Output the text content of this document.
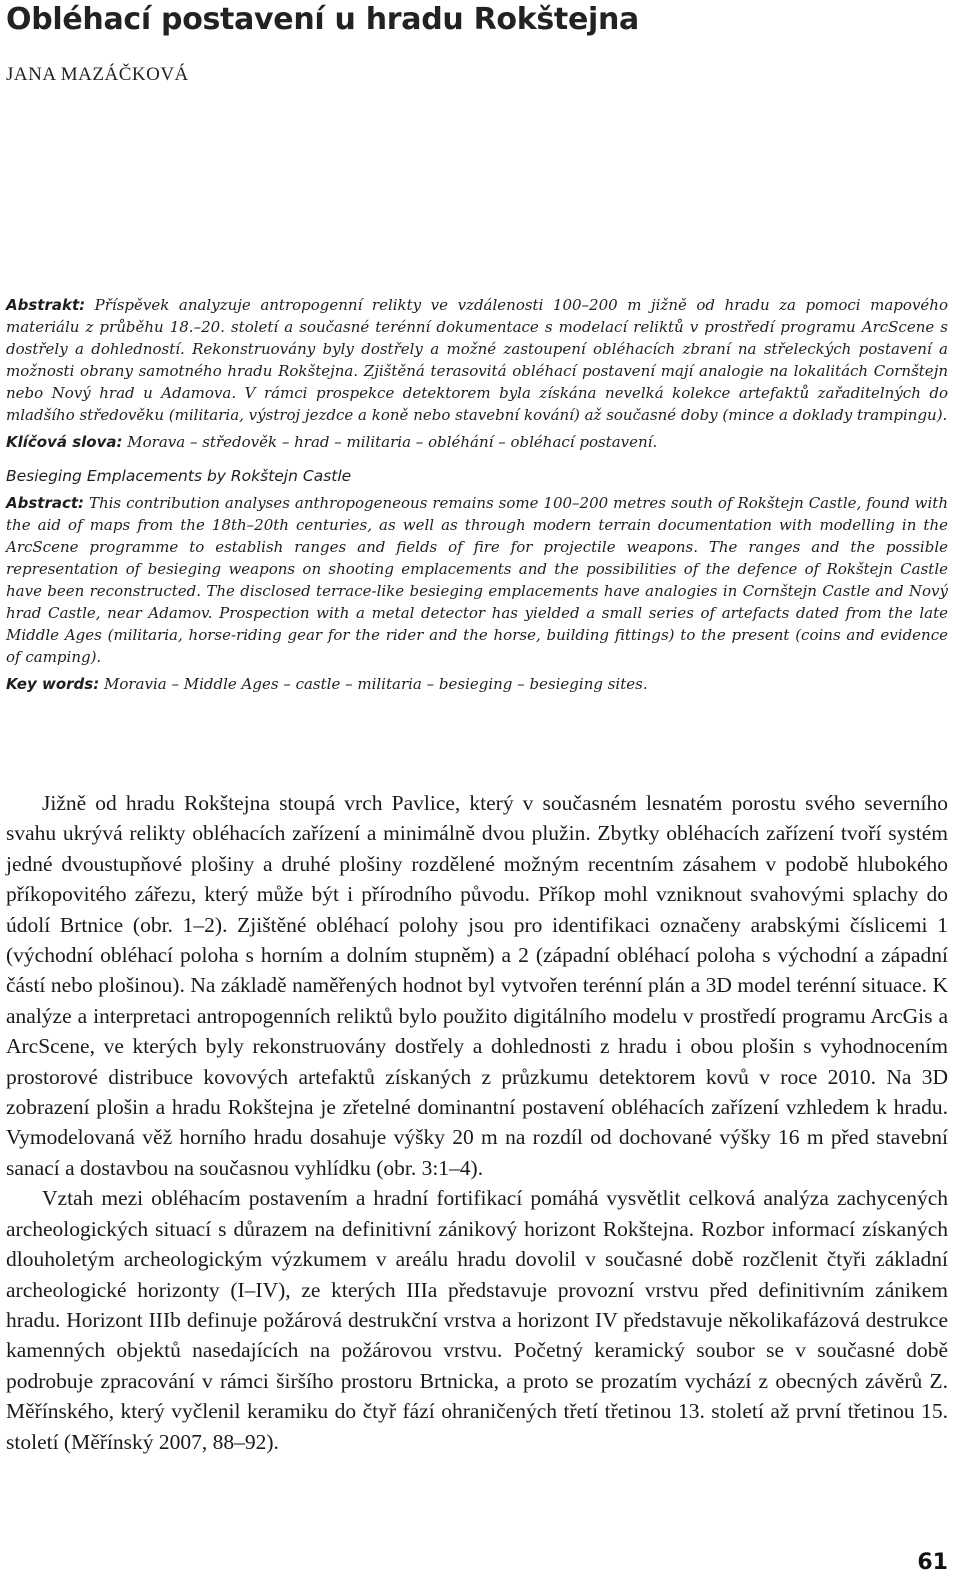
Obléhací postavení u hradu Rokštejna
JANA MAZÁČKOVÁ

Abstrakt: Příspěvek analyzuje antropogenní relikty ve vzdálenosti 100–200 m jižně od hradu za pomoci mapového materiálu z průběhu 18.–20. století a současné terénní dokumentace s modelací reliktů v prostředí programu ArcScene s dostřely a dohledností. Rekonstruovány byly dostřely a možné zastoupení obléhacích zbraní na střeleckých postavení a možnosti obrany samotného hradu Rokštejna. Zjištěná terasovitá obléhací postavení mají analogie na lokalitách Cornštejn nebo Nový hrad u Adamova. V rámci prospekce detektorem byla získána nevelká kolekce artefaktů zařaditelných do mladšího středověku (militaria, výstroj jezdce a koně nebo stavební kování) až současné doby (mince a doklady trampingu).

Klíčová slova: Morava – středověk – hrad – militaria – obléhání – obléhací postavení.

Besieging Emplacements by Rokštejn Castle

Abstract: This contribution analyses anthropogeneous remains some 100–200 metres south of Rokštejn Castle, found with the aid of maps from the 18th–20th centuries, as well as through modern terrain documentation with modelling in the ArcScene programme to establish ranges and fields of fire for projectile weapons. The ranges and the possible representation of besieging weapons on shooting emplacements and the possibilities of the defence of Rokštejn Castle have been reconstructed. The disclosed terrace-like besieging emplacements have analogies in Cornštejn Castle and Nový hrad Castle, near Adamov. Prospection with a metal detector has yielded a small series of artefacts dated from the late Middle Ages (militaria, horse-riding gear for the rider and the horse, building fittings) to the present (coins and evidence of camping).

Key words: Moravia – Middle Ages – castle – militaria – besieging – besieging sites.

Jižně od hradu Rokštejna stoupá vrch Pavlice, který v současném lesnatém porostu svého severního svahu ukrývá relikty obléhacích zařízení a minimálně dvou plužin. Zbytky obléhacích zařízení tvoří systém jedné dvoustupňové plošiny a druhé plošiny rozdělené možným recentním zásahem v podobě hlubokého příkopovitého zářezu, který může být i přírodního původu. Příkop mohl vzniknout svahovými splachy do údolí Brtnice (obr. 1–2). Zjištěné obléhací polohy jsou pro identifikaci označeny arabskými číslicemi 1 (východní obléhací poloha s horním a dolním stupněm) a 2 (západní obléhací poloha s východní a západní částí nebo plošinou). Na základě naměřených hodnot byl vytvořen terénní plán a 3D model terénní situace. K analýze a interpretaci antropogenních reliktů bylo použito digitálního modelu v prostředí programu ArcGis a ArcScene, ve kterých byly rekonstruovány dostřely a dohlednosti z hradu i obou plošin s vyhodnocením prostorové distribuce kovových artefaktů získaných z průzkumu detektorem kovů v roce 2010. Na 3D zobrazení plošin a hradu Rokštejna je zřetelné dominantní postavení obléhacích zařízení vzhledem k hradu. Vymodelovaná věž horního hradu dosahuje výšky 20 m na rozdíl od dochované výšky 16 m před stavební sanací a dostavbou na současnou vyhlídku (obr. 3:1–4).

Vztah mezi obléhacím postavením a hradní fortifikací pomáhá vysvětlit celková analýza zachycených archeologických situací s důrazem na definitivní zánikový horizont Rokštejna. Rozbor informací získaných dlouholetým archeologickým výzkumem v areálu hradu dovolil v současné době rozčlenit čtyři základní archeologické horizonty (I–IV), ze kterých IIIa představuje provozní vrstvu před definitivním zánikem hradu. Horizont IIIb definuje požárová destrukční vrstva a horizont IV představuje několikafázová destrukce kamenných objektů nasedajících na požárovou vrstvu. Početný keramický soubor se v současné době podrobuje zpracování v rámci širšího prostoru Brtnicka, a proto se prozatím vychází z obecných závěrů Z. Měřínského, který vyčlenil keramiku do čtyř fází ohraničených třetí třetinou 13. století až první třetinou 15. století (Měřínský 2007, 88–92).

61
